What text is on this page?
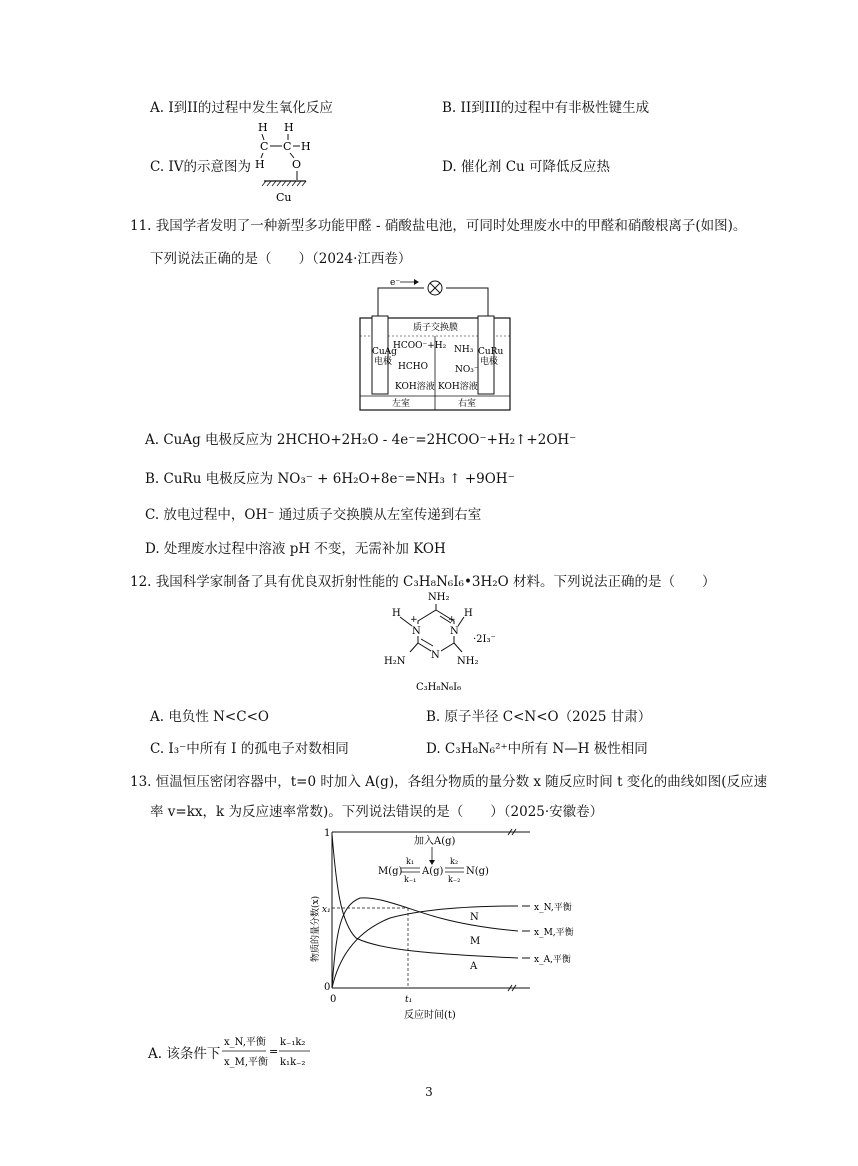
A. I到II的过程中发生氧化反应	B. II到III的过程中有非极性键生成
C. IV的示意图为	D. 催化剂 Cu 可降低反应热
H H
C C H
H O
Cu
11. 我国学者发明了一种新型多功能甲醛 - 硝酸盐电池，可同时处理废水中的甲醛和硝酸根离子(如图)。
下列说法正确的是（　　）（2024·江西卷）
e⁻
质子交换膜
CuAg
电极
CuRu
电极
HCOO⁻+H₂
HCHO
KOH溶液
NH₃
NO₃⁻
KOH溶液
左室	右室
A. CuAg 电极反应为 2HCHO+2H₂O - 4e⁻=2HCOO⁻+H₂↑+2OH⁻
B. CuRu 电极反应为 NO₃⁻ + 6H₂O+8e⁻=NH₃ ↑ +9OH⁻
C. 放电过程中，OH⁻ 通过质子交换膜从左室传递到右室
D. 处理废水过程中溶液 pH 不变，无需补加 KOH
12. 我国科学家制备了具有优良双折射性能的 C₃H₈N₆I₆•3H₂O 材料。下列说法正确的是（　　）
NH₂
N	N
N
+	+
H	H
·2I₃⁻
H₂N	NH₂
C₃H₈N₆I₆
A. 电负性 N<C<O	B. 原子半径 C<N<O（2025 甘肃）
C. I₃⁻中所有 I 的孤电子对数相同	D. C₃H₈N₆²⁺中所有 N—H 极性相同
13. 恒温恒压密闭容器中，t=0 时加入 A(g)，各组分物质的量分数 x 随反应时间 t 变化的曲线如图(反应速
率 v=kx，k 为反应速率常数)。下列说法错误的是（　　）（2025·安徽卷）
1
0
0
x₁
t₁
物质的量分数(x)
反应时间(t)
N
M
A
x_N,平衡
x_M,平衡
x_A,平衡
加入A(g)
M(g) A(g) N(g)
k₁
k₋₁
k₂
k₋₂
A. 该条件下
x_N,平衡
x_M,平衡
=
k₋₁k₂
k₁k₋₂
3
